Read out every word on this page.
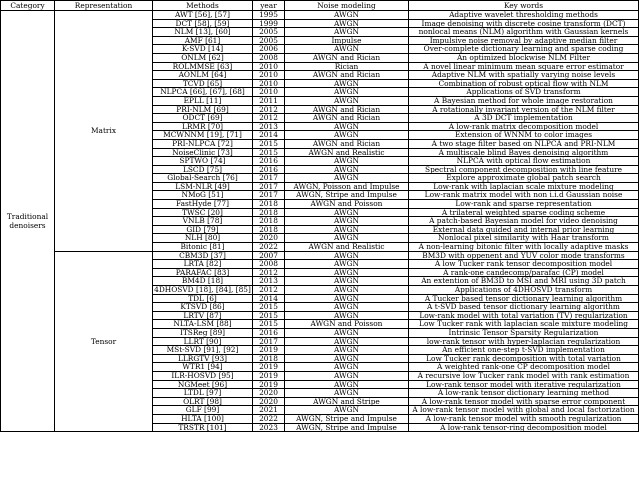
Category	Representation	Methods	year	Noise modeling	Key words
Traditional denoisers	Matrix	AWT [56], [57]	1995	AWGN	Adaptive wavelet thresholding methods
		DCT [58], [59]	1999	AWGN	Image denoising with discrete cosine transform (DCT)
		NLM [13], [60]	2005	AWGN	nonlocal means (NLM) algorithm with Gaussian kernels
		AMF [61]	2005	Impulse	Impulsive noise removal by adaptive median filter
		K-SVD [14]	2006	AWGN	Over-complete dictionary learning and sparse coding
		ONLM [62]	2008	AWGN and Rician	An optimized blockwise NLM Filter
		ROLMMSE [63]	2010	Rician	A novel linear minimum mean square error estimator
		AONLM [64]	2010	AWGN and Rician	Adaptive NLM with spatially varying noise levels
		TCVD [65]	2010	AWGN	Combination of robust optical flow with NLM
		NLPCA [66], [67], [68]	2010	AWGN	Applications of SVD transform
		EPLL [11]	2011	AWGN	A Bayesian method for whole image restoration
		PRI-NLM [69]	2012	AWGN and Rician	A rotationally invariant version of the NLM filter
		ODCT [69]	2012	AWGN and Rician	A 3D DCT implementation
		LRMR [70]	2013	AWGN	A low-rank matrix decomposition model
		MCWNNM [19], [71]	2014	AWGN	Extension of WNNM to color images
		PRI-NLPCA [72]	2015	AWGN and Rician	A two stage filter based on NLPCA and PRI-NLM
		NoiseClinic [73]	2015	AWGN and Realistic	A multiscale blind Bayes denoising algorithm
		SPTWO [74]	2016	AWGN	NLPCA with optical flow estimation
		LSCD [75]	2016	AWGN	Spectral component decomposition with line feature
		Global-Search [76]	2017	AWGN	Explore approximate global patch search
		LSM-NLR [49]	2017	AWGN, Poisson and Impulse	Low-rank with laplacian scale mixture modeling
		NMoG [51]	2017	AWGN, Stripe and Impulse	Low-rank matrix model with non i.i.d Gaussian noise
		FastHyde [77]	2018	AWGN and Poisson	Low-rank and sparse representation
		TWSC [20]	2018	AWGN	A trilateral weighted sparse coding scheme
		VNLB [78]	2018	AWGN	A patch-based Bayesian model for video denoising
		GID [79]	2018	AWGN	External data guided and internal prior learning
		NLH [80]	2020	AWGN	Nonlocal pixel similarity with Haar transform
		Bitonic [81]	2022	AWGN and Realistic	A non-learning bitonic filter with locally adaptive masks
	Tensor	CBM3D [37]	2007	AWGN	BM3D with oppenent and YUV color mode transforms
		LRTA [82]	2008	AWGN	A low Tucker rank tensor decomposition model
		PARAFAC [83]	2012	AWGN	A rank-one candecomp/parafac (CP) model
		BM4D [18]	2013	AWGN	An extention of BM3D to MSI and MRI using 3D patch
		4DHOSVD [18], [84], [85]	2012	AWGN	Applications of 4DHOSVD transform
		TDL [6]	2014	AWGN	A Tucker based tensor dictionary learning algorithm
		KTSVD [86]	2015	AWGN	A t-SVD based tensor dictionary learning algorithm
		LRTV [87]	2015	AWGN	Low-rank model with total variation (TV) regularization
		NLTA-LSM [88]	2015	AWGN and Poisson	Low Tucker rank with laplacian scale mixture modeling
		ITSReg [89]	2016	AWGN	Intrinsic Tensor Sparsity Regularization
		LLRT [90]	2017	AWGN	low-rank tensor with hyper-laplacian regularization
		MSt-SVD [91], [92]	2019	AWGN	An efficient one-step t-SVD implementation
		LLRGTV [93]	2018	AWGN	Low Tucker rank decomposition with total variation
		WTR1 [94]	2019	AWGN	A weighted rank-one CP decomposition model
		ILR-HOSVD [95]	2019	AWGN	A recursive low Tucker rank model with rank estimation
		NGMeet [96]	2019	AWGN	Low-rank tensor model with iterative regularization
		LTDL [97]	2020	AWGN	A low-rank tensor dictionary learning method
		OLRT [98]	2020	AWGN and Stripe	A low-rank tensor model with sparse error component
		GLF [99]	2021	AWGN	A low-rank tensor model with global and local factorization
		HLTA [100]	2022	AWGN, Stripe and Impulse	A low-rank tensor model with smooth regularization
		TRSTR [101]	2023	AWGN, Stripe and Impulse	A low-rank tensor-ring decomposition model
